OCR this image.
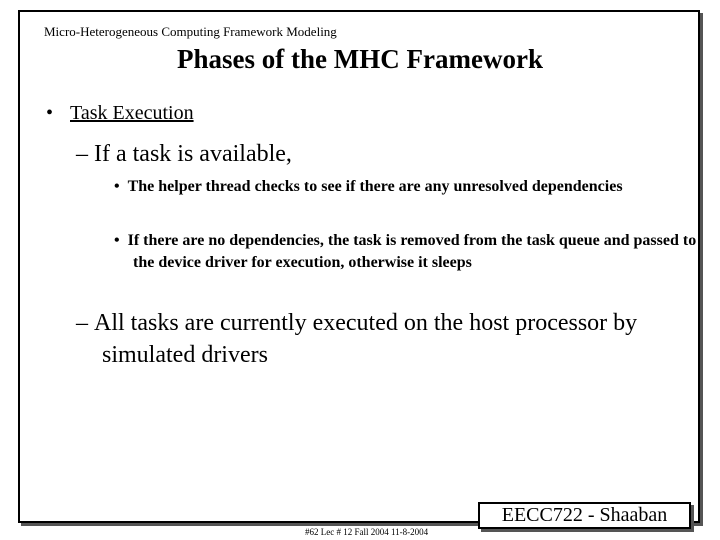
Micro-Heterogeneous Computing Framework Modeling
Phases of the MHC Framework
• Task Execution
– If a task is available,
• The helper thread checks to see if there are any unresolved dependencies
• If there are no dependencies, the task is removed from the task queue and passed to the device driver for execution, otherwise it sleeps
– All tasks are currently executed on the host processor by simulated drivers
#62 Lec # 12 Fall 2004 11-8-2004
EECC722 - Shaaban
